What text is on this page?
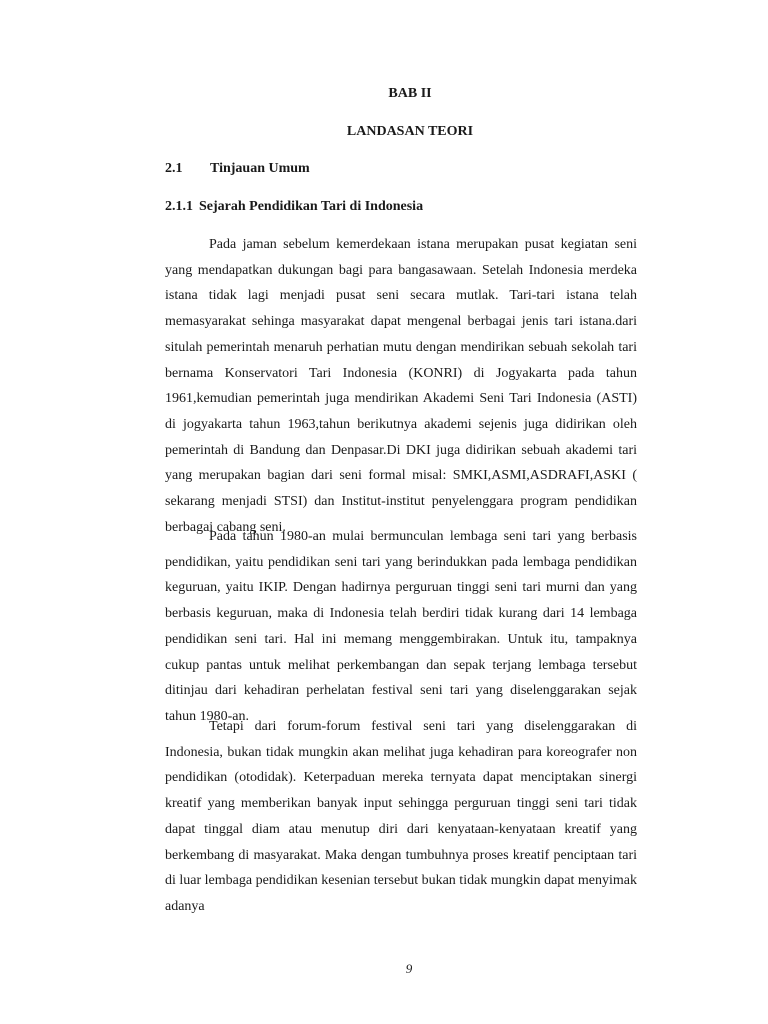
BAB II
LANDASAN TEORI
2.1 Tinjauan Umum
2.1.1 Sejarah Pendidikan Tari di Indonesia

Pada jaman sebelum kemerdekaan istana merupakan pusat kegiatan seni yang mendapatkan dukungan bagi para bangasawaan. Setelah Indonesia merdeka istana tidak lagi menjadi pusat seni secara mutlak. Tari-tari istana telah memasyarakat sehinga masyarakat dapat mengenal berbagai jenis tari istana.dari situlah pemerintah menaruh perhatian mutu dengan mendirikan sebuah sekolah tari bernama Konservatori Tari Indonesia (KONRI) di Jogyakarta pada tahun 1961,kemudian pemerintah juga mendirikan Akademi Seni Tari Indonesia (ASTI) di jogyakarta tahun 1963,tahun berikutnya akademi sejenis juga didirikan oleh pemerintah di Bandung dan Denpasar.Di DKI juga didirikan sebuah akademi tari yang merupakan bagian dari seni formal misal: SMKI,ASMI,ASDRAFI,ASKI ( sekarang menjadi STSI) dan Institut-institut penyelenggara program pendidikan berbagai cabang seni.

Pada tahun 1980-an mulai bermunculan lembaga seni tari yang berbasis pendidikan, yaitu pendidikan seni tari yang berindukkan pada lembaga pendidikan keguruan, yaitu IKIP. Dengan hadirnya perguruan tinggi seni tari murni dan yang berbasis keguruan, maka di Indonesia telah berdiri tidak kurang dari 14 lembaga pendidikan seni tari. Hal ini memang menggembirakan. Untuk itu, tampaknya cukup pantas untuk melihat perkembangan dan sepak terjang lembaga tersebut ditinjau dari kehadiran perhelatan festival seni tari yang diselenggarakan sejak tahun 1980-an.

Tetapi dari forum-forum festival seni tari yang diselenggarakan di Indonesia, bukan tidak mungkin akan melihat juga kehadiran para koreografer non pendidikan (otodidak). Keterpaduan mereka ternyata dapat menciptakan sinergi kreatif yang memberikan banyak input sehingga perguruan tinggi seni tari tidak dapat tinggal diam atau menutup diri dari kenyataan-kenyataan kreatif yang berkembang di masyarakat. Maka dengan tumbuhnya proses kreatif penciptaan tari di luar lembaga pendidikan kesenian tersebut bukan tidak mungkin dapat menyimak adanya

9
